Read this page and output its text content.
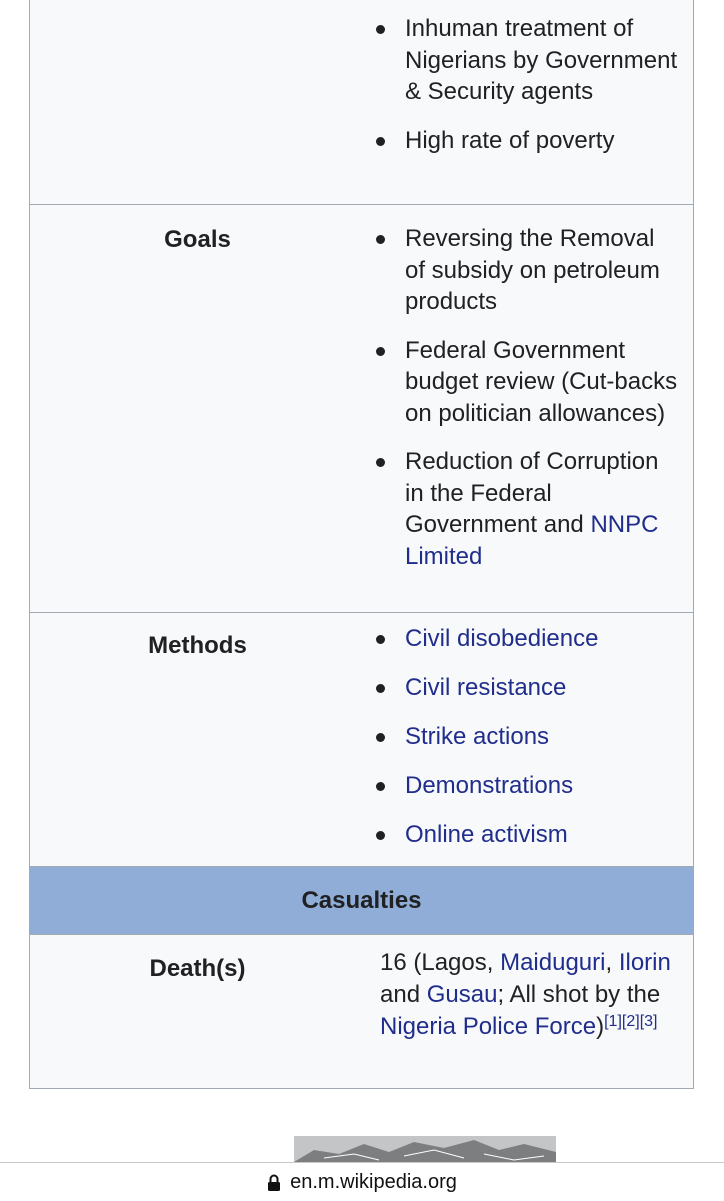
Inhuman treatment of Nigerians by Government & Security agents
High rate of poverty
Goals	Reversing the Removal of subsidy on petroleum products
Federal Government budget review (Cut-backs on politician allowances)
Reduction of Corruption in the Federal Government and NNPC Limited
Methods	Civil disobedience
Civil resistance
Strike actions
Demonstrations
Online activism
Casualties
Death(s)	16 (Lagos, Maiduguri, Ilorin and Gusau; All shot by the Nigeria Police Force)[1][2][3]
en.m.wikipedia.org
